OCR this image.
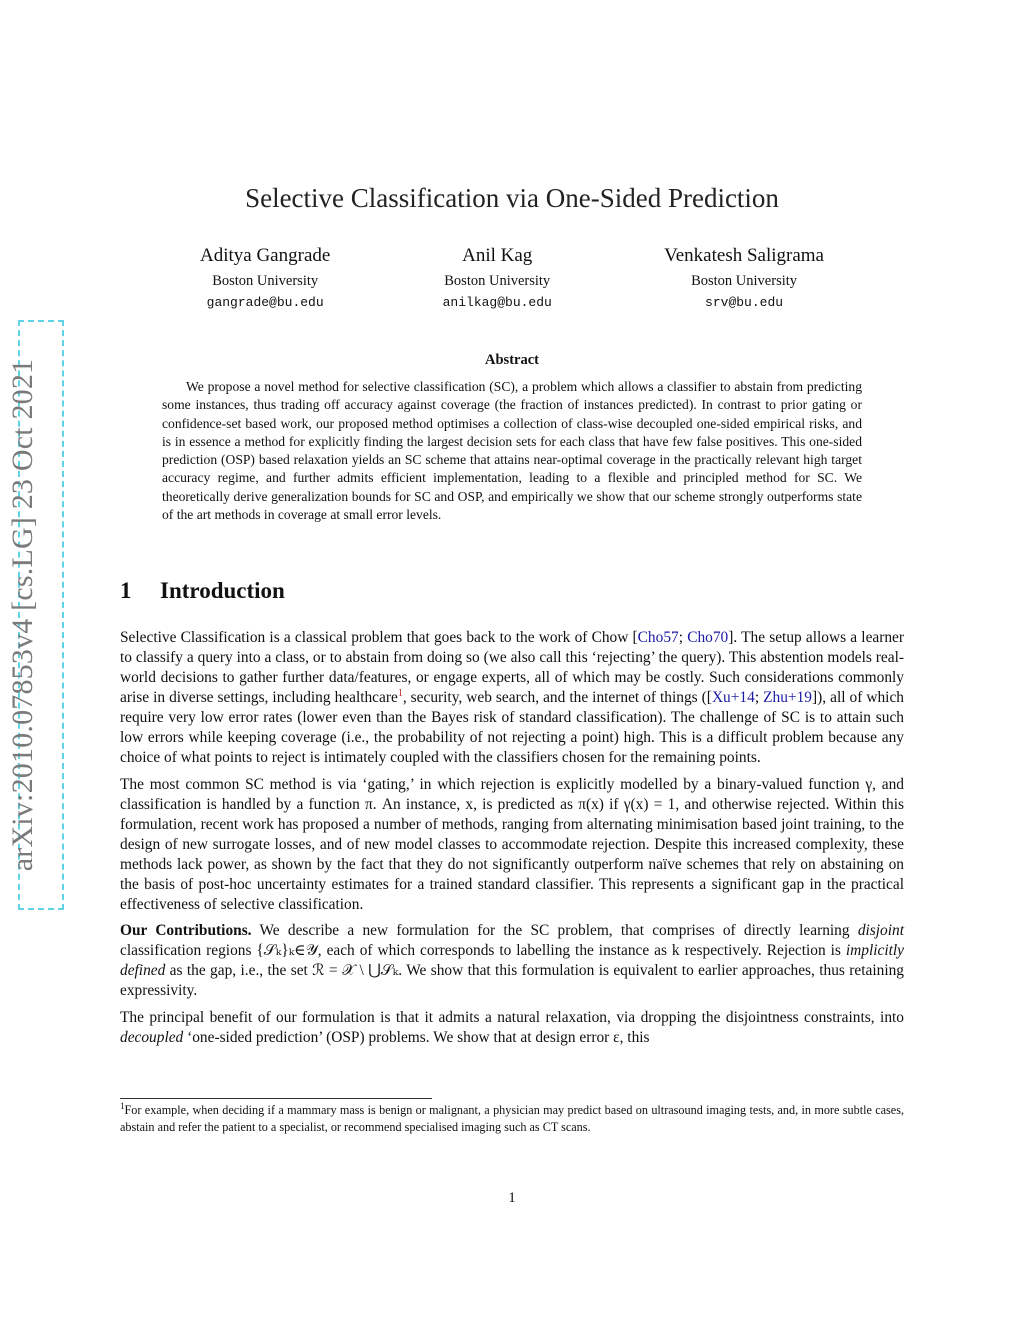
arXiv:2010.07853v4 [cs.LG] 23 Oct 2021
Selective Classification via One-Sided Prediction
Aditya Gangrade
Boston University
gangrade@bu.edu
Anil Kag
Boston University
anilkag@bu.edu
Venkatesh Saligrama
Boston University
srv@bu.edu
Abstract
We propose a novel method for selective classification (SC), a problem which allows a classifier to abstain from predicting some instances, thus trading off accuracy against coverage (the fraction of instances predicted). In contrast to prior gating or confidence-set based work, our proposed method optimises a collection of class-wise decoupled one-sided empirical risks, and is in essence a method for explicitly finding the largest decision sets for each class that have few false positives. This one-sided prediction (OSP) based relaxation yields an SC scheme that attains near-optimal coverage in the practically relevant high target accuracy regime, and further admits efficient implementation, leading to a flexible and principled method for SC. We theoretically derive generalization bounds for SC and OSP, and empirically we show that our scheme strongly outperforms state of the art methods in coverage at small error levels.
1 Introduction

Selective Classification is a classical problem that goes back to the work of Chow [Cho57; Cho70]. The setup allows a learner to classify a query into a class, or to abstain from doing so (we also call this ‘rejecting’ the query). This abstention models real-world decisions to gather further data/features, or engage experts, all of which may be costly. Such considerations commonly arise in diverse settings, including healthcare$^1$, security, web search, and the internet of things ([Xu+14; Zhu+19]), all of which require very low error rates (lower even than the Bayes risk of standard classification). The challenge of SC is to attain such low errors while keeping coverage (i.e., the probability of not rejecting a point) high. This is a difficult problem because any choice of what points to reject is intimately coupled with the classifiers chosen for the remaining points.

The most common SC method is via ‘gating,’ in which rejection is explicitly modelled by a binary-valued function γ, and classification is handled by a function π. An instance, x, is predicted as π(x) if γ(x) = 1, and otherwise rejected. Within this formulation, recent work has proposed a number of methods, ranging from alternating minimisation based joint training, to the design of new surrogate losses, and of new model classes to accommodate rejection. Despite this increased complexity, these methods lack power, as shown by the fact that they do not significantly outperform naïve schemes that rely on abstaining on the basis of post-hoc uncertainty estimates for a trained standard classifier. This represents a significant gap in the practical effectiveness of selective classification.

Our Contributions. We describe a new formulation for the SC problem, that comprises of directly learning disjoint classification regions {𝒮ₖ}ₖ∈𝒴, each of which corresponds to labelling the instance as k respectively. Rejection is implicitly defined as the gap, i.e., the set ℛ = 𝒳 \ ⋃𝒮ₖ. We show that this formulation is equivalent to earlier approaches, thus retaining expressivity.

The principal benefit of our formulation is that it admits a natural relaxation, via dropping the disjointness constraints, into decoupled ‘one-sided prediction’ (OSP) problems. We show that at design error ε, this

$^1$For example, when deciding if a mammary mass is benign or malignant, a physician may predict based on ultrasound imaging tests, and, in more subtle cases, abstain and refer the patient to a specialist, or recommend specialised imaging such as CT scans.
1
